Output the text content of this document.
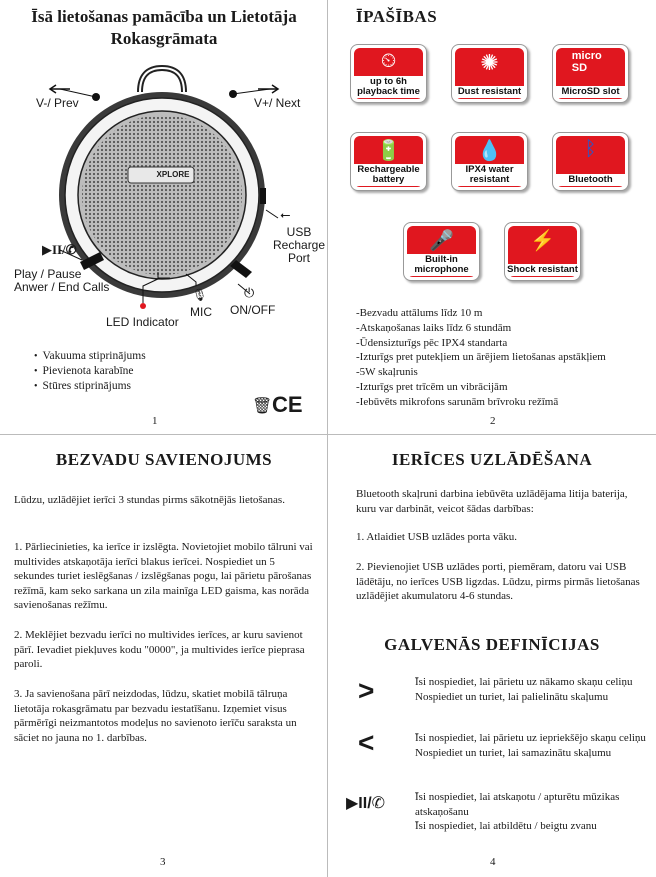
Īsā lietošanas pamācība un Lietotāja
Rokasgrāmata
XPLORE
V-/ Prev	V+/ Next
⭠
USB
Recharge
Port
▶II/✆
Play / Pause
Anwer / End Calls
🎙
MIC
⏻
ON/OFF
LED Indicator
• Vakuuma stiprinājums
• Pievienota karabīne
• Stūres stiprinājums
🗑 CE
1
ĪPAŠĪBAS
⏲
up to 6h playback time
✺
Dust resistant
micro SD
MicroSD slot
🔋
Rechargeable battery
💧
IPX4 water resistant
ᛒ
Bluetooth
🎤
Built-in microphone
⚡
Shock resistant
-Bezvadu attālums līdz 10 m
-Atskaņošanas laiks līdz 6 stundām
-Ūdensizturīgs pēc IPX4 standarta
-Izturīgs pret putekļiem un ārējiem lietošanas apstākļiem
-5W skaļrunis
-Izturīgs pret trīcēm un vibrācijām
-Iebūvēts mikrofons sarunām brīvroku režīmā
2
BEZVADU SAVIENOJUMS
Lūdzu, uzlādējiet ierīci 3 stundas pirms sākotnējās lietošanas.
1. Pārliecinieties, ka ierīce ir izslēgta. Novietojiet mobilo tālruni vai multivides atskaņotāja ierīci blakus ierīcei. Nospiediet un 5 sekundes turiet ieslēgšanas / izslēgšanas pogu, lai pārietu pārošanas režīmā, kam seko sarkana un zila mainīga LED gaisma, kas norāda savienošanas režīmu.
2. Meklējiet bezvadu ierīci no multivides ierīces, ar kuru savienot pārī. Ievadiet piekļuves kodu "0000", ja multivides ierīce pieprasa paroli.
3. Ja savienošana pārī neizdodas, lūdzu, skatiet mobilā tālruņa lietotāja rokasgrāmatu par bezvadu iestatīšanu. Izņemiet visus pārmērīgi neizmantotos modeļus no savienoto ierīču saraksta un sāciet no jauna no 1. darbības.
3
IERĪCES UZLĀDĒŠANA
Bluetooth skaļruni darbina iebūvēta uzlādējama litija baterija, kuru var darbināt, veicot šādas darbības:
1. Atlaidiet USB uzlādes porta vāku.
2. Pievienojiet USB uzlādes porti, piemēram, datoru vai USB lādētāju, no ierīces USB ligzdas. Lūdzu, pirms pirmās lietošanas uzlādējiet akumulatoru 4-6 stundas.
GALVENĀS DEFINĪCIJAS
>	Īsi nospiediet, lai pārietu uz nākamo skaņu celiņu
Nospiediet un turiet, lai palielinātu skaļumu
<	Īsi nospiediet, lai pārietu uz iepriekšējo skaņu celiņu
Nospiediet un turiet, lai samazinātu skaļumu
▶II/✆	Īsi nospiediet, lai atskaņotu / apturētu mūzikas atskaņošanu
Īsi nospiediet, lai atbildētu / beigtu zvanu
4
